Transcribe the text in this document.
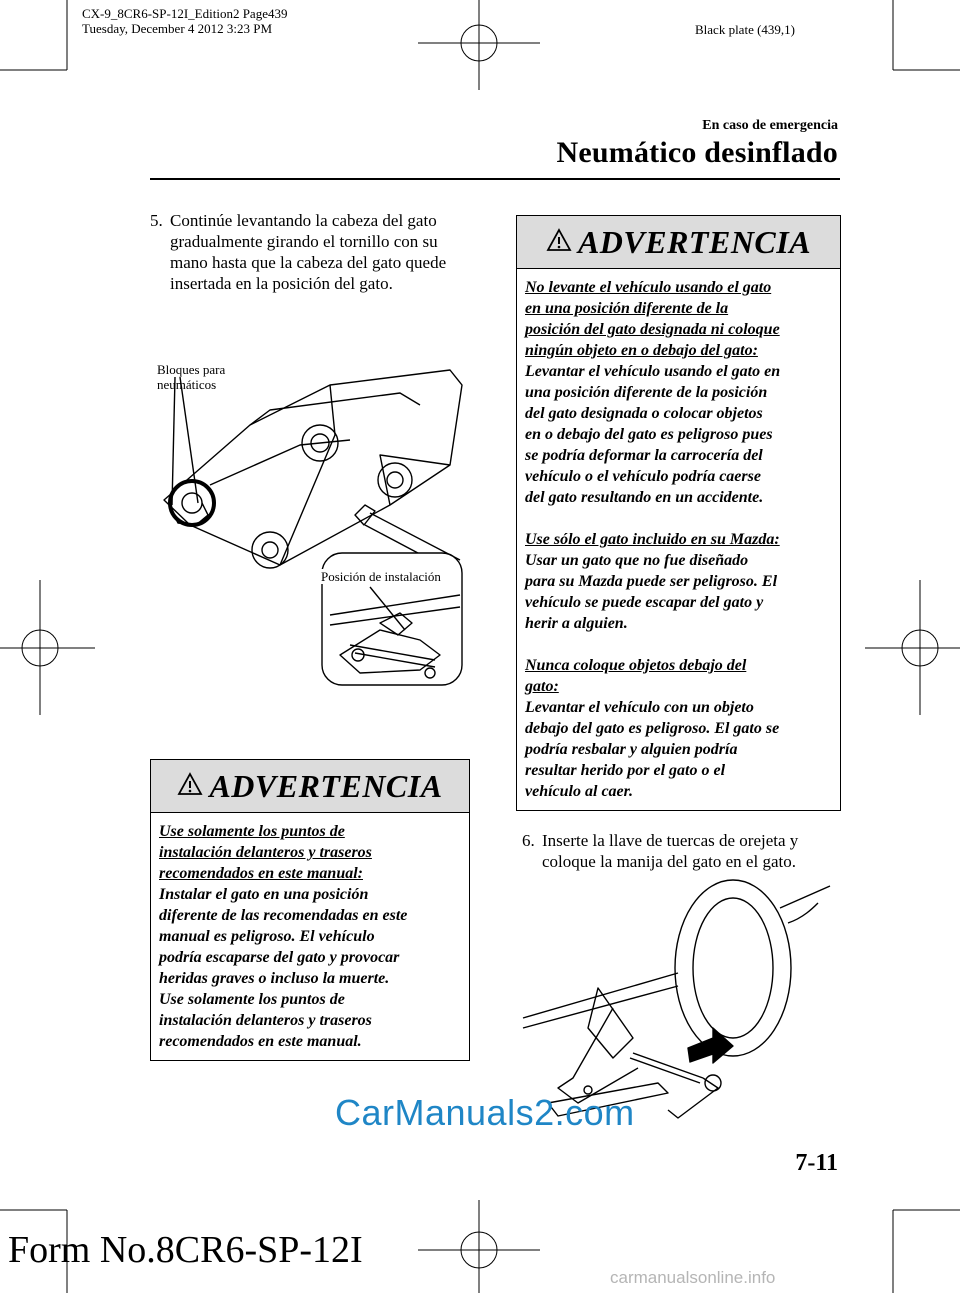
CX-9_8CR6-SP-12I_Edition2 Page439
Tuesday, December 4 2012 3:23 PM	Black plate (439,1)
En caso de emergencia
Neumático desinflado
5. Continúe levantando la cabeza del gato gradualmente girando el tornillo con su mano hasta que la cabeza del gato quede insertada en la posición del gato.
Bloques para
neumáticos
Posición de instalación
ADVERTENCIA

Use solamente los puntos de

instalación delanteros y traseros

recomendados en este manual:

Instalar el gato en una posición

diferente de las recomendadas en este

manual es peligroso. El vehículo

podría escaparse del gato y provocar

heridas graves o incluso la muerte.

Use solamente los puntos de

instalación delanteros y traseros

recomendados en este manual.

ADVERTENCIA

No levante el vehículo usando el gato

en una posición diferente de la

posición del gato designada ni coloque

ningún objeto en o debajo del gato:

Levantar el vehículo usando el gato en

una posición diferente de la posición

del gato designada o colocar objetos

en o debajo del gato es peligroso pues

se podría deformar la carrocería del

vehículo o el vehículo podría caerse

del gato resultando en un accidente.

Use sólo el gato incluido en su Mazda:

Usar un gato que no fue diseñado

para su Mazda puede ser peligroso. El

vehículo se puede escapar del gato y

herir a alguien.

Nunca coloque objetos debajo del

gato:

Levantar el vehículo con un objeto

debajo del gato es peligroso. El gato se

podría resbalar y alguien podría

resultar herido por el gato o el

vehículo al caer.

6. Inserte la llave de tuercas de orejeta y coloque la manija del gato en el gato.
7-11
CarManuals2.com
Form No.8CR6-SP-12I
carmanualsonline.info
